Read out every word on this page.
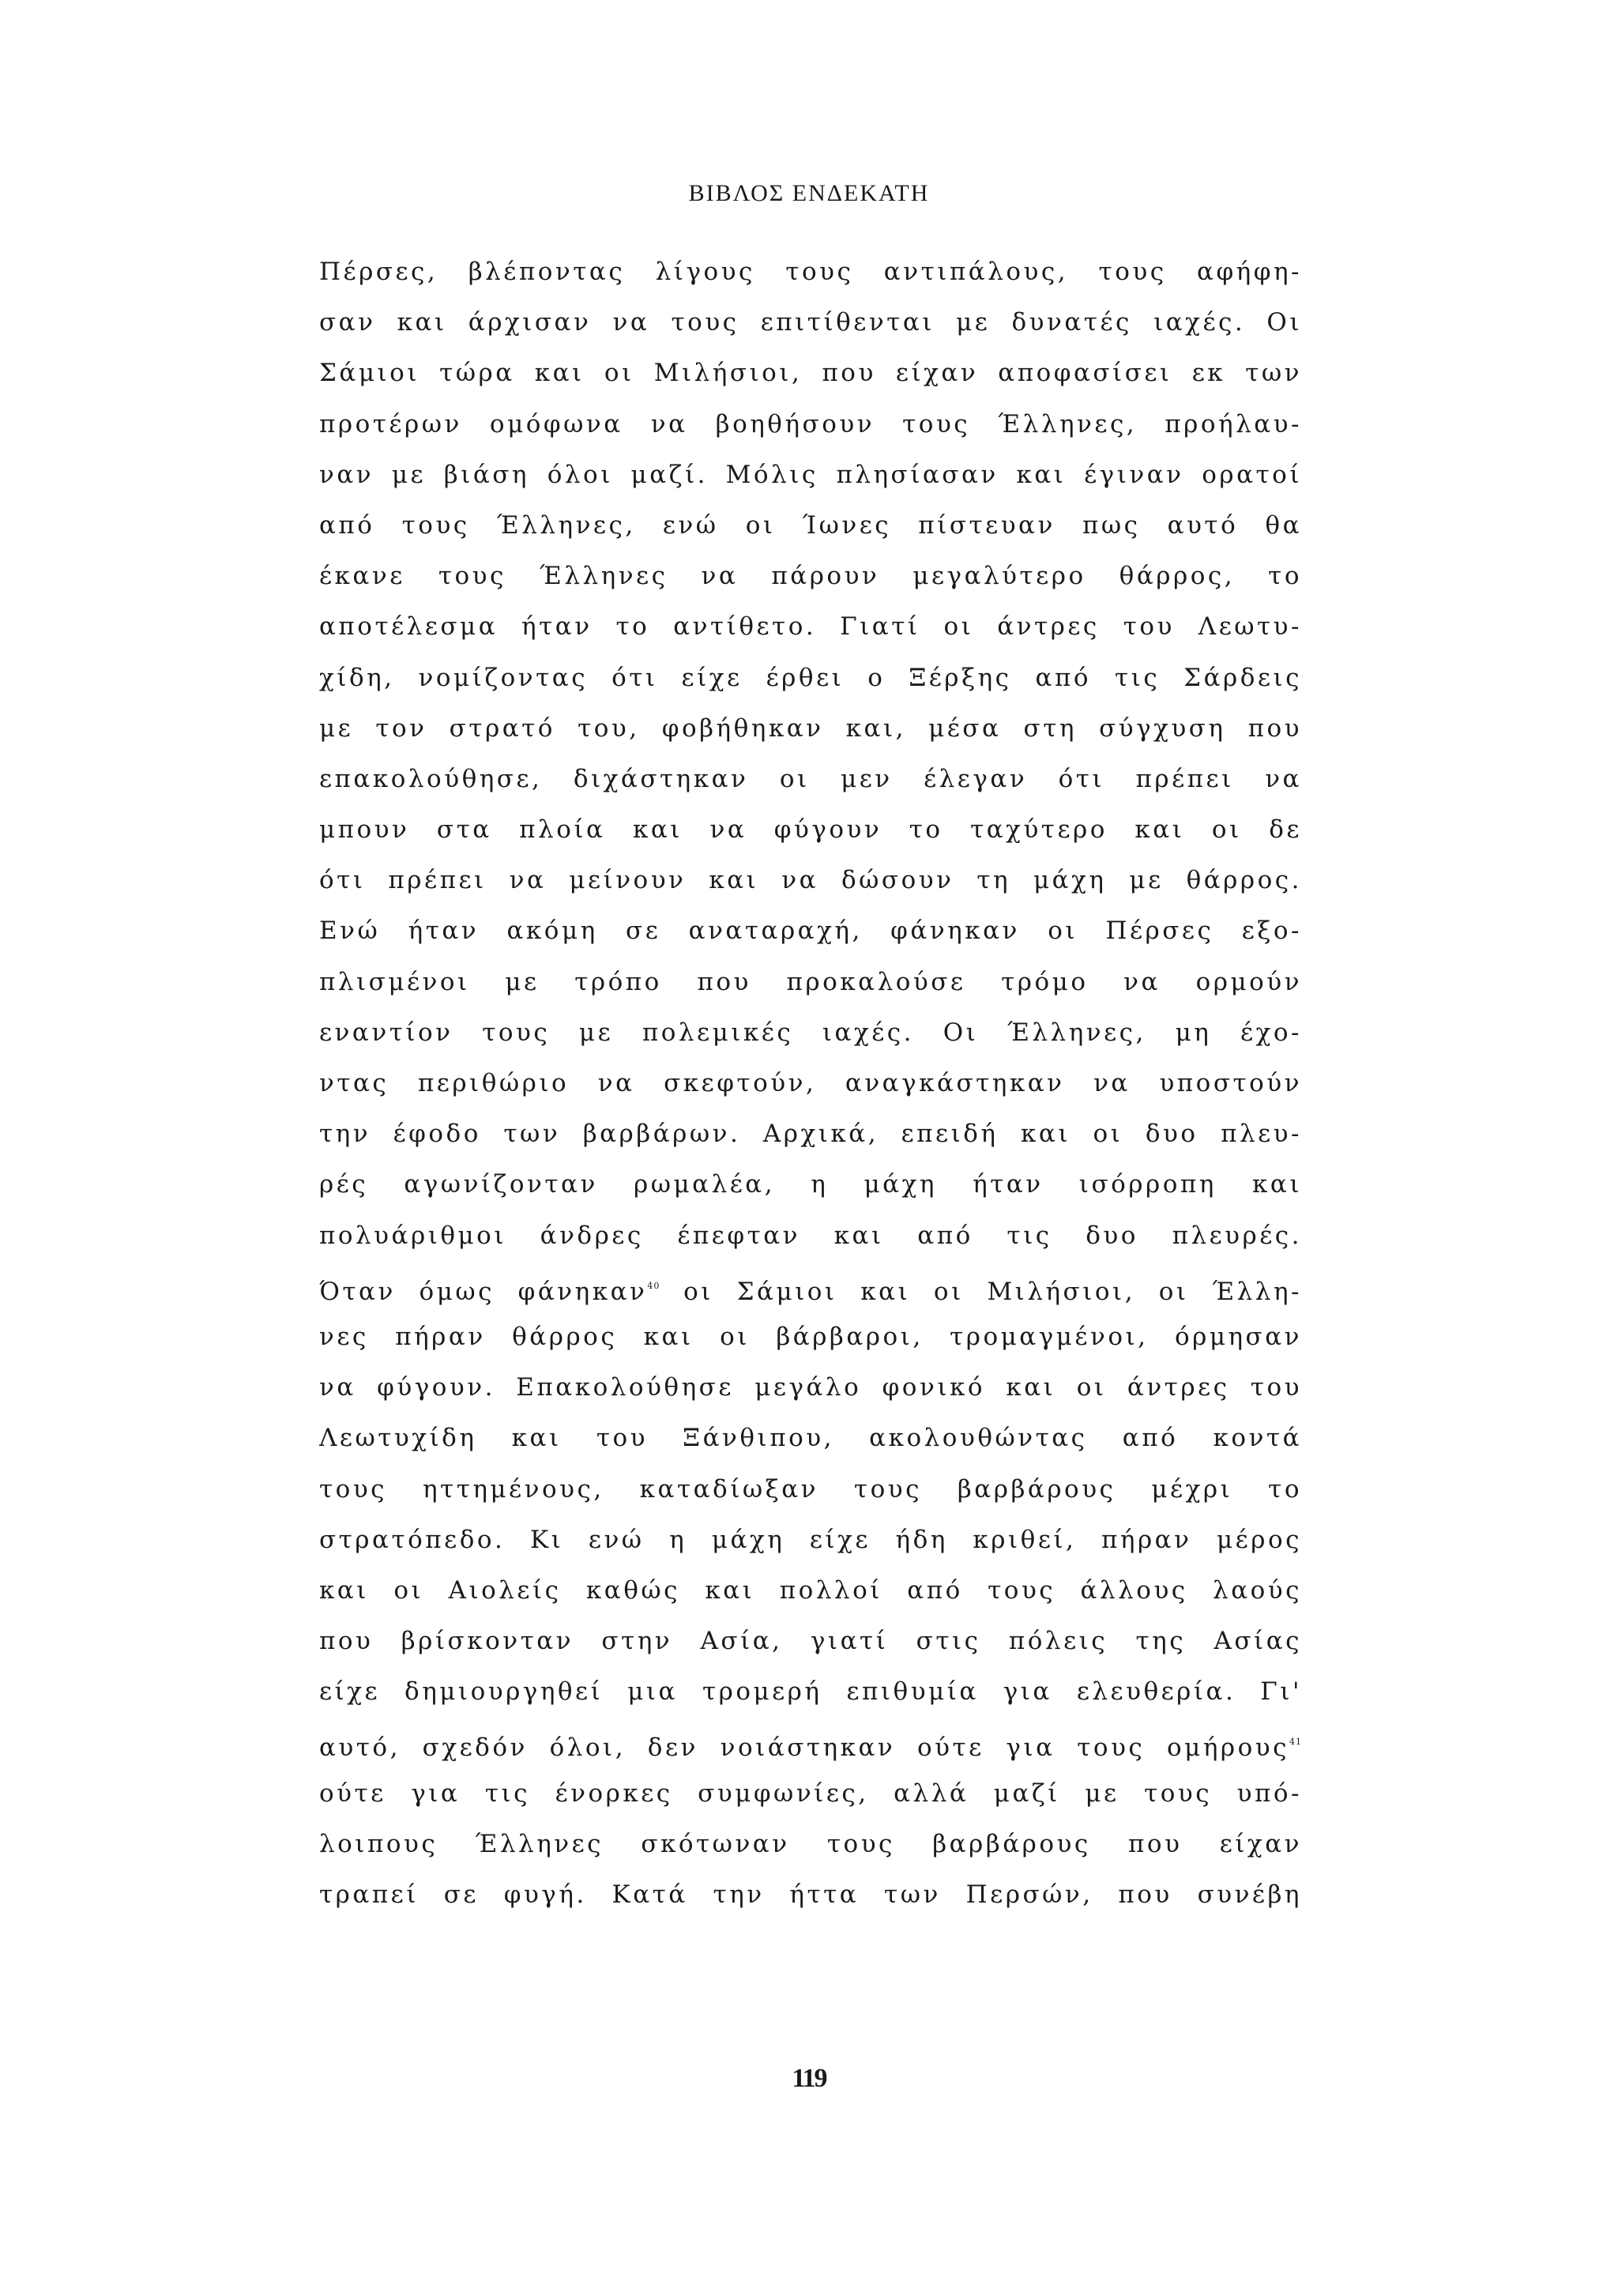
ΒΙΒΛΟΣ ΕΝΔΕΚΑΤΗ
Πέρσες, βλέποντας λίγους τους αντιπάλους, τους αφήφη-
σαν και άρχισαν να τους επιτίθενται με δυνατές ιαχές. Οι
Σάμιοι τώρα και οι Μιλήσιοι, που είχαν αποφασίσει εκ των
προτέρων ομόφωνα να βοηθήσουν τους Έλληνες, προήλαυ-
ναν με βιάση όλοι μαζί. Μόλις πλησίασαν και έγιναν ορατοί
από τους Έλληνες, ενώ οι Ίωνες πίστευαν πως αυτό θα
έκανε τους Έλληνες να πάρουν μεγαλύτερο θάρρος, το
αποτέλεσμα ήταν το αντίθετο. Γιατί οι άντρες του Λεωτυ-
χίδη, νομίζοντας ότι είχε έρθει ο Ξέρξης από τις Σάρδεις
με τον στρατό του, φοβήθηκαν και, μέσα στη σύγχυση που
επακολούθησε, διχάστηκαν οι μεν έλεγαν ότι πρέπει να
μπουν στα πλοία και να φύγουν το ταχύτερο και οι δε
ότι πρέπει να μείνουν και να δώσουν τη μάχη με θάρρος.
Ενώ ήταν ακόμη σε αναταραχή, φάνηκαν οι Πέρσες εξο-
πλισμένοι με τρόπο που προκαλούσε τρόμο να ορμούν
εναντίον τους με πολεμικές ιαχές. Οι Έλληνες, μη έχο-
ντας περιθώριο να σκεφτούν, αναγκάστηκαν να υποστούν
την έφοδο των βαρβάρων. Αρχικά, επειδή και οι δυο πλευ-
ρές αγωνίζονταν ρωμαλέα, η μάχη ήταν ισόρροπη και
πολυάριθμοι άνδρες έπεφταν και από τις δυο πλευρές.
Όταν όμως φάνηκαν$^{40}$ οι Σάμιοι και οι Μιλήσιοι, οι Έλλη-
νες πήραν θάρρος και οι βάρβαροι, τρομαγμένοι, όρμησαν
να φύγουν. Επακολούθησε μεγάλο φονικό και οι άντρες του
Λεωτυχίδη και του Ξάνθιπου, ακολουθώντας από κοντά
τους ηττημένους, καταδίωξαν τους βαρβάρους μέχρι το
στρατόπεδο. Κι ενώ η μάχη είχε ήδη κριθεί, πήραν μέρος
και οι Αιολείς καθώς και πολλοί από τους άλλους λαούς
που βρίσκονταν στην Ασία, γιατί στις πόλεις της Ασίας
είχε δημιουργηθεί μια τρομερή επιθυμία για ελευθερία. Γι'
αυτό, σχεδόν όλοι, δεν νοιάστηκαν ούτε για τους ομήρους$^{41}$
ούτε για τις ένορκες συμφωνίες, αλλά μαζί με τους υπό-
λοιπους Έλληνες σκότωναν τους βαρβάρους που είχαν
τραπεί σε φυγή. Κατά την ήττα των Περσών, που συνέβη
119
